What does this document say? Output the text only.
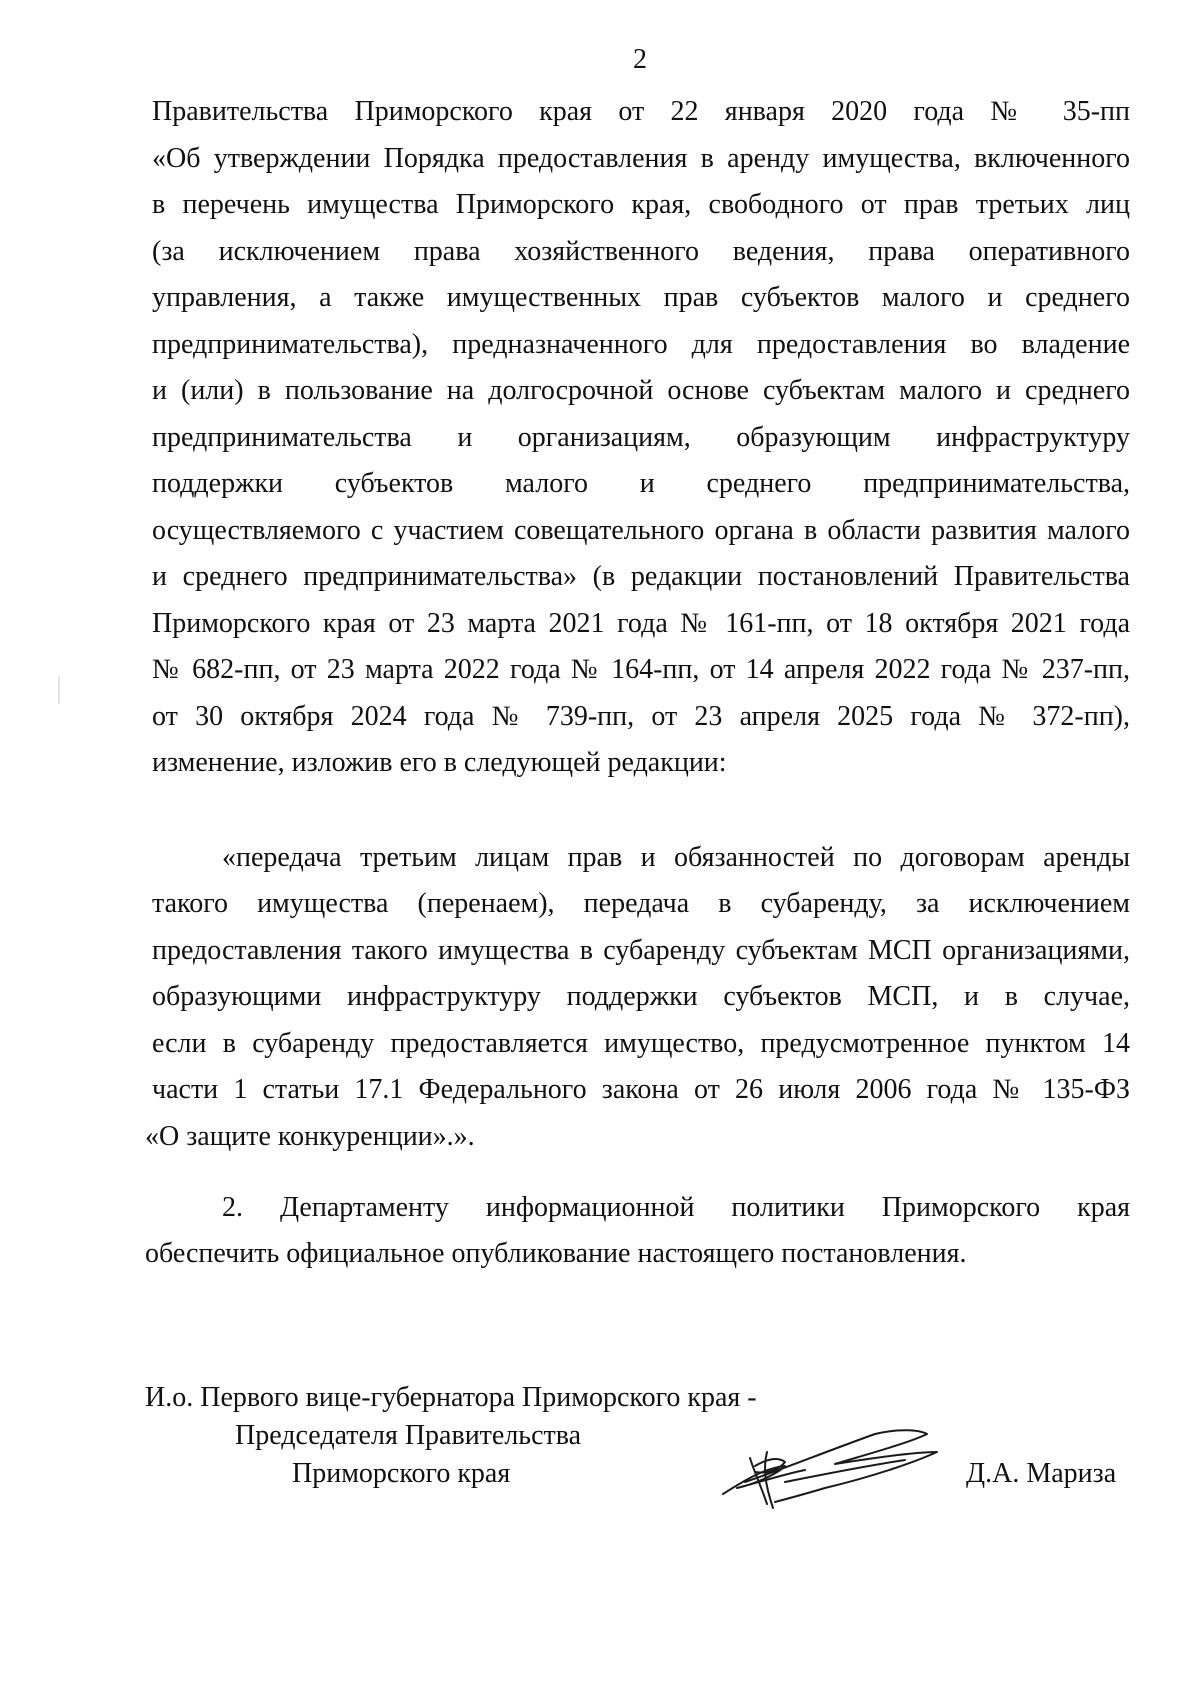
2
Правительства Приморского края от 22 января 2020 года № 35-пп
«Об утверждении Порядка предоставления в аренду имущества, включенного
в перечень имущества Приморского края, свободного от прав третьих лиц
(за исключением права хозяйственного ведения, права оперативного
управления, а также имущественных прав субъектов малого и среднего
предпринимательства), предназначенного для предоставления во владение
и (или) в пользование на долгосрочной основе субъектам малого и среднего
предпринимательства и организациям, образующим инфраструктуру
поддержки субъектов малого и среднего предпринимательства,
осуществляемого с участием совещательного органа в области развития малого
и среднего предпринимательства» (в редакции постановлений Правительства
Приморского края от 23 марта 2021 года № 161-пп, от 18 октября 2021 года
№ 682-пп, от 23 марта 2022 года № 164-пп, от 14 апреля 2022 года № 237-пп,
от 30 октября 2024 года № 739-пп, от 23 апреля 2025 года № 372-пп),
изменение, изложив его в следующей редакции:
«передача третьим лицам прав и обязанностей по договорам аренды
такого имущества (перенаем), передача в субаренду, за исключением
предоставления такого имущества в субаренду субъектам МСП организациями,
образующими инфраструктуру поддержки субъектов МСП, и в случае,
если в субаренду предоставляется имущество, предусмотренное пунктом 14
части 1 статьи 17.1 Федерального закона от 26 июля 2006 года № 135-ФЗ
«О защите конкуренции».».
2. Департаменту информационной политики Приморского края
обеспечить официальное опубликование настоящего постановления.
И.о. Первого вице-губернатора Приморского края -
Председателя Правительства
Приморского края	Д.А. Мариза
